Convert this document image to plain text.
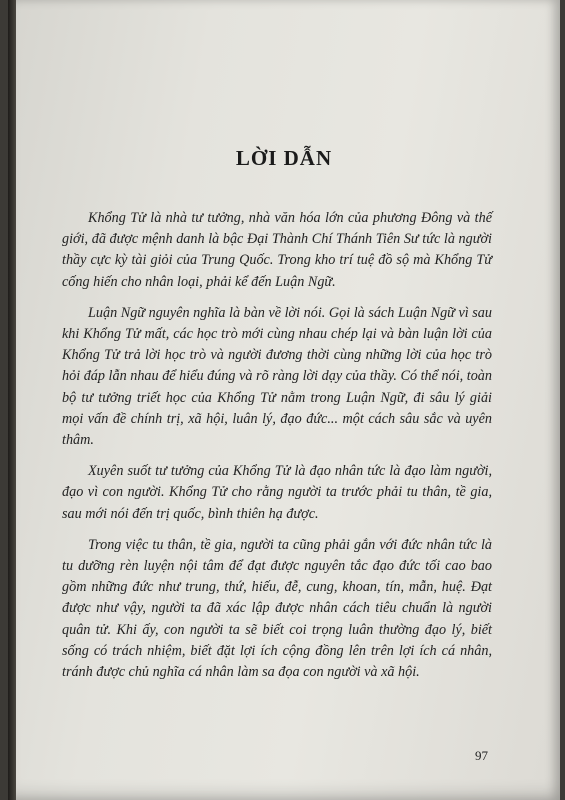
LỜI DẪN

Khổng Tử là nhà tư tưởng, nhà văn hóa lớn của phương Đông và thế giới, đã được mệnh danh là bậc Đại Thành Chí Thánh Tiên Sư tức là người thầy cực kỳ tài giỏi của Trung Quốc. Trong kho trí tuệ đồ sộ mà Khổng Tử cống hiến cho nhân loại, phải kể đến Luận Ngữ.

Luận Ngữ nguyên nghĩa là bàn về lời nói. Gọi là sách Luận Ngữ vì sau khi Khổng Tử mất, các học trò mới cùng nhau chép lại và bàn luận lời của Khổng Tử trả lời học trò và người đương thời cùng những lời của học trò hỏi đáp lẫn nhau để hiểu đúng và rõ ràng lời dạy của thầy. Có thể nói, toàn bộ tư tưởng triết học của Khổng Tử nằm trong Luận Ngữ, đi sâu lý giải mọi vấn đề chính trị, xã hội, luân lý, đạo đức... một cách sâu sắc và uyên thâm.

Xuyên suốt tư tưởng của Khổng Tử là đạo nhân tức là đạo làm người, đạo vì con người. Khổng Tử cho rằng người ta trước phải tu thân, tề gia, sau mới nói đến trị quốc, bình thiên hạ được.

Trong việc tu thân, tề gia, người ta cũng phải gắn với đức nhân tức là tu dưỡng rèn luyện nội tâm để đạt được nguyên tắc đạo đức tối cao bao gồm những đức như trung, thứ, hiếu, đễ, cung, khoan, tín, mẫn, huệ. Đạt được như vậy, người ta đã xác lập được nhân cách tiêu chuẩn là người quân tử. Khi ấy, con người ta sẽ biết coi trọng luân thường đạo lý, biết sống có trách nhiệm, biết đặt lợi ích cộng đồng lên trên lợi ích cá nhân, tránh được chủ nghĩa cá nhân làm sa đọa con người và xã hội.

97
